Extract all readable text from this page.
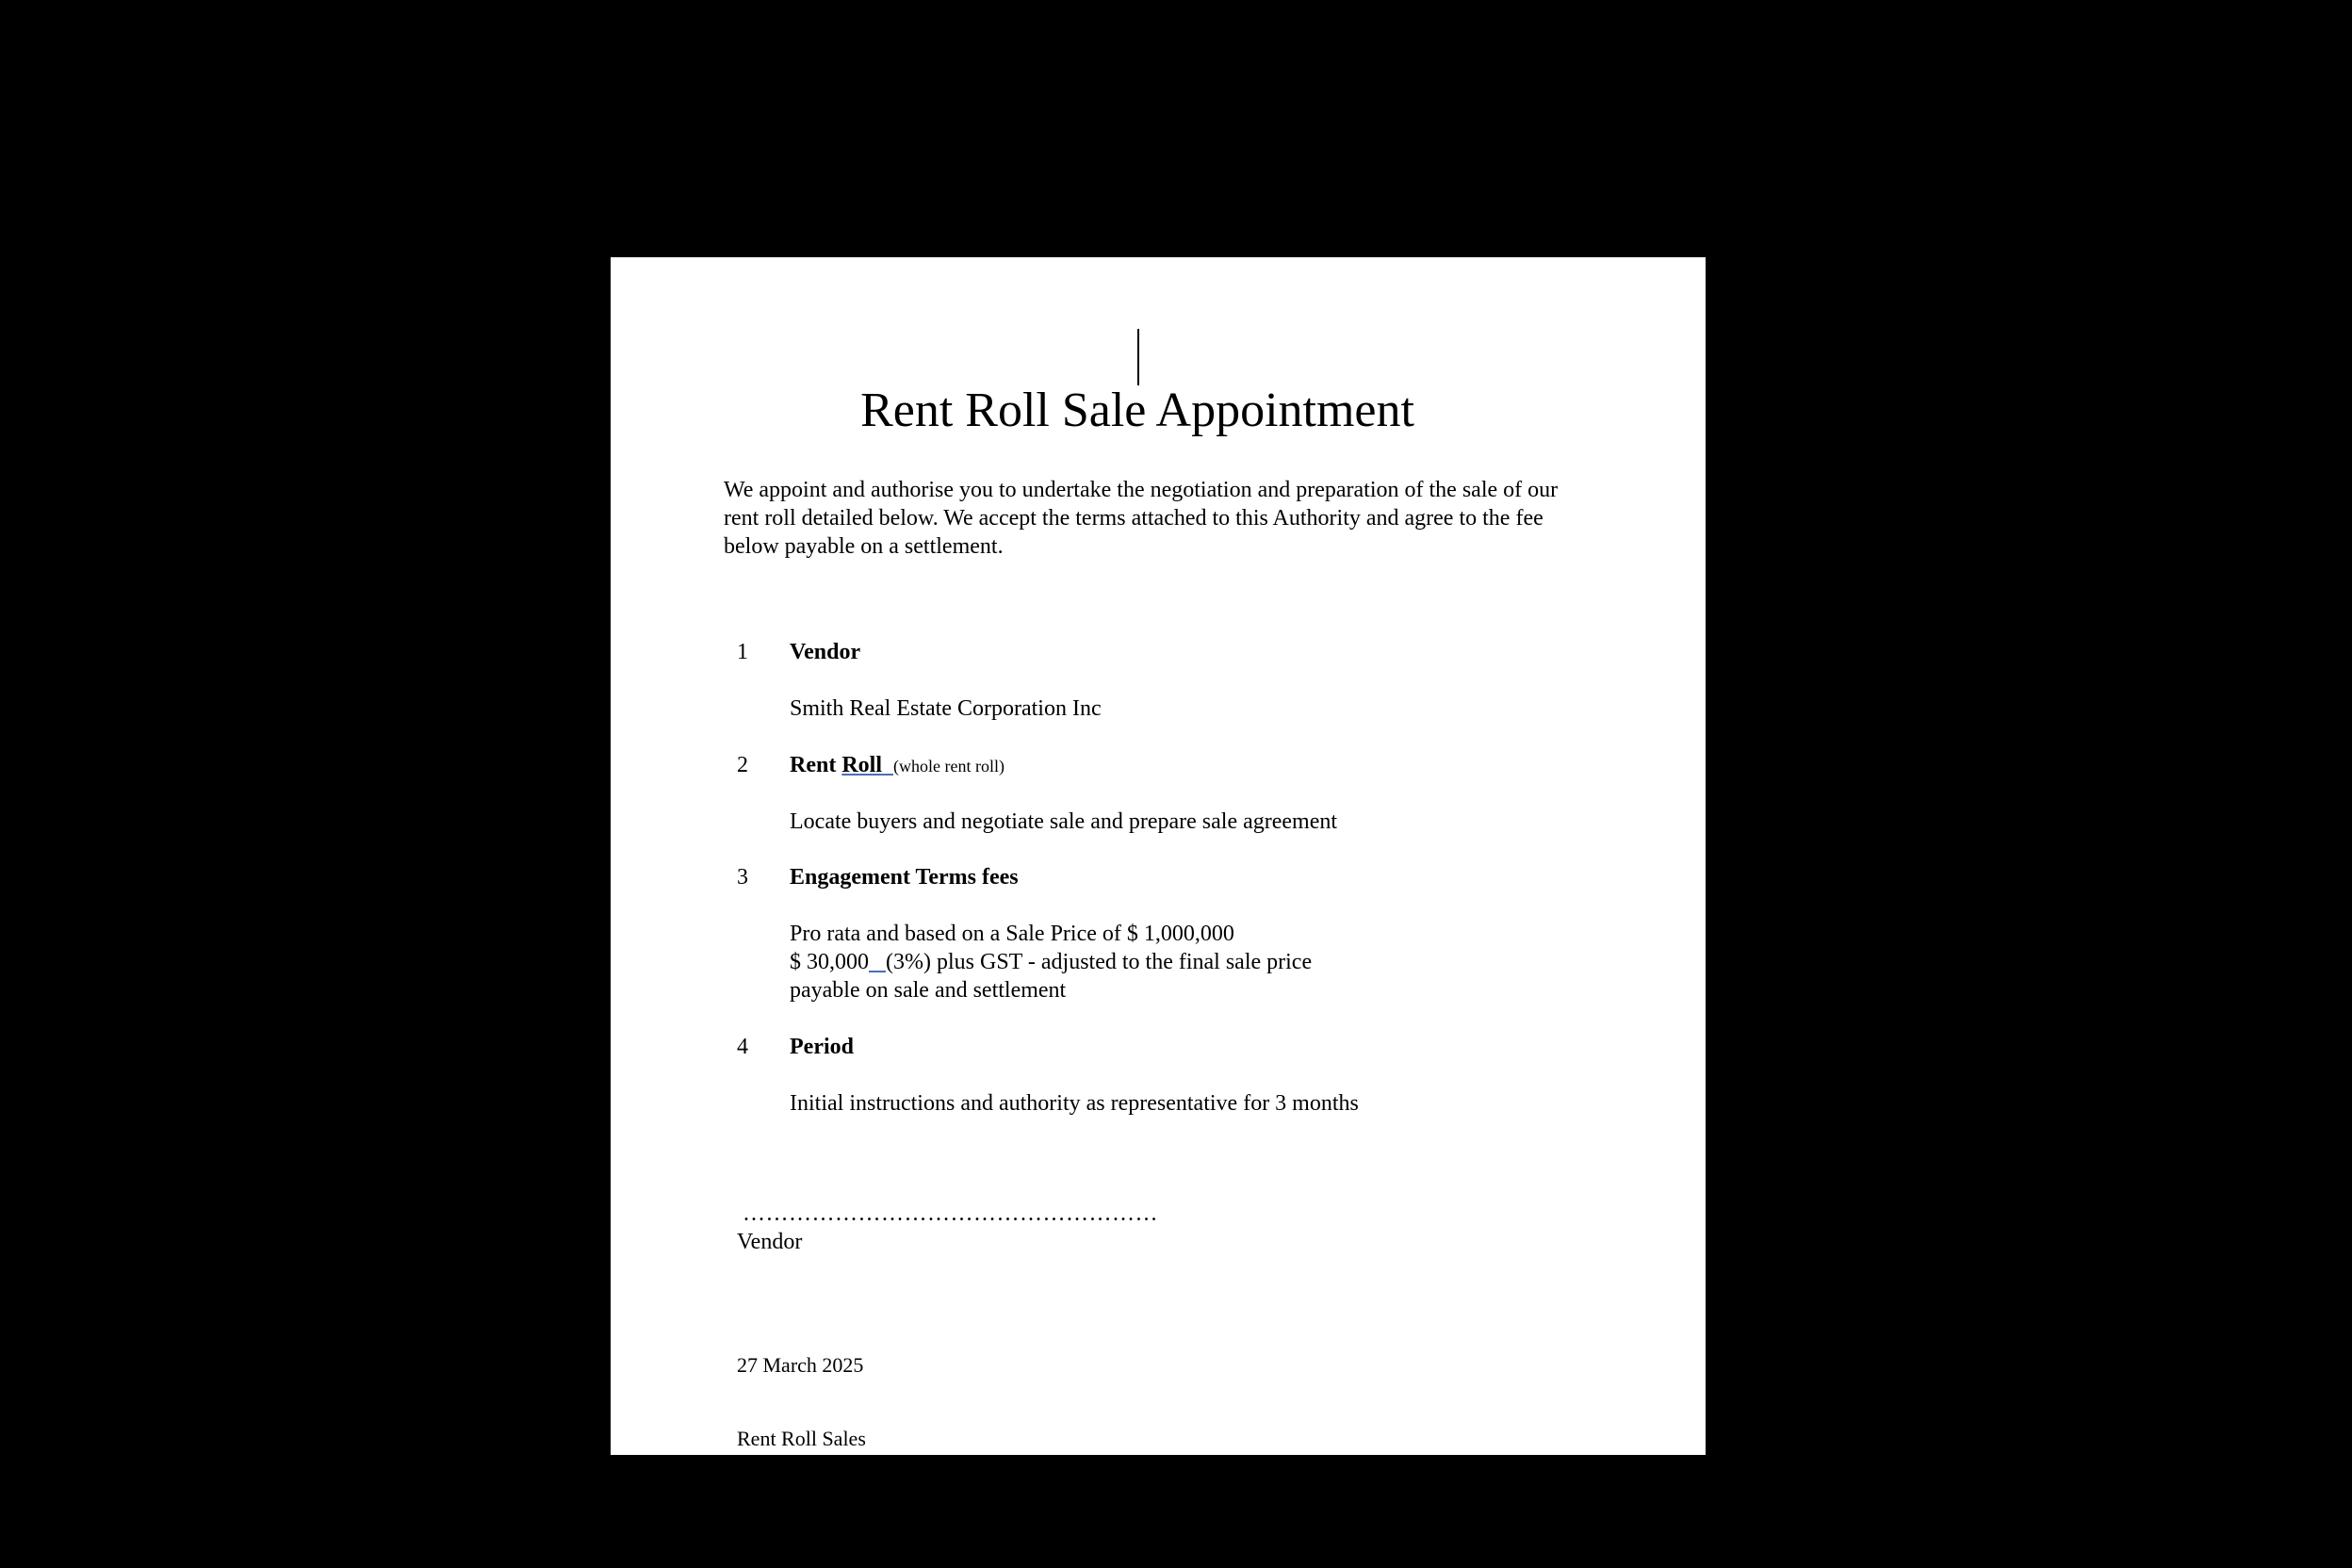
Rent Roll Sale Appointment
We appoint and authorise you to undertake the negotiation and preparation of the sale of our
rent roll detailed below. We accept the terms attached to this Authority and agree to the fee
below payable on a settlement.
1 Vendor
Smith Real Estate Corporation Inc
2 Rent Roll (whole rent roll)
Locate buyers and negotiate sale and prepare sale agreement
3 Engagement Terms fees
Pro rata and based on a Sale Price of $ 1,000,000
$ 30,000 (3%) plus GST - adjusted to the final sale price
payable on sale and settlement
4 Period
Initial instructions and authority as representative for 3 months
………………………………………………
Vendor
27 March 2025
Rent Roll Sales
